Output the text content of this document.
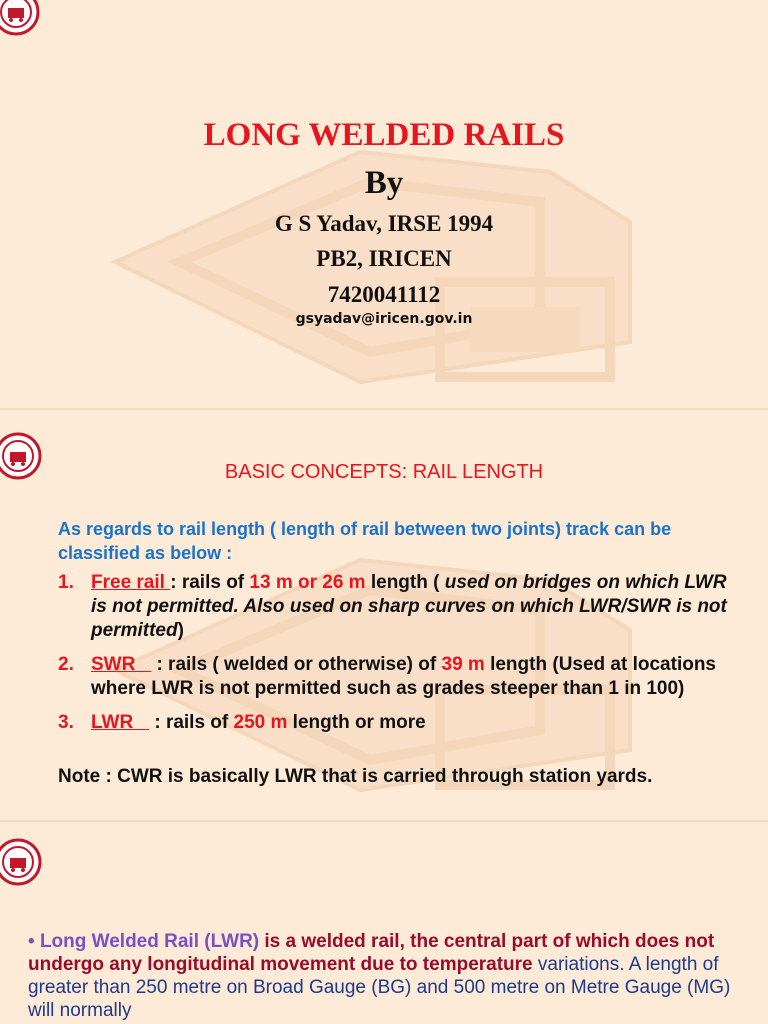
LONG WELDED RAILS
By
G S Yadav, IRSE 1994
PB2, IRICEN
7420041112
gsyadav@iricen.gov.in
BASIC CONCEPTS: RAIL LENGTH
As regards to rail length ( length of rail between two joints) track can be classified as below :
1. Free rail : rails of 13 m or 26 m length ( used on bridges on which LWR is not permitted. Also used on sharp curves on which LWR/SWR is not permitted)
2. SWR    : rails ( welded or otherwise) of 39 m length (Used at locations where LWR is not permitted such as grades steeper than 1 in 100)
3. LWR    : rails of 250 m length or more
Note : CWR is basically LWR that is carried through station yards.
• Long Welded Rail (LWR) is a welded rail, the central part of which does not undergo any longitudinal movement due to temperature variations. A length of greater than 250 metre on Broad Gauge (BG) and 500 metre on Metre Gauge (MG) will normally
